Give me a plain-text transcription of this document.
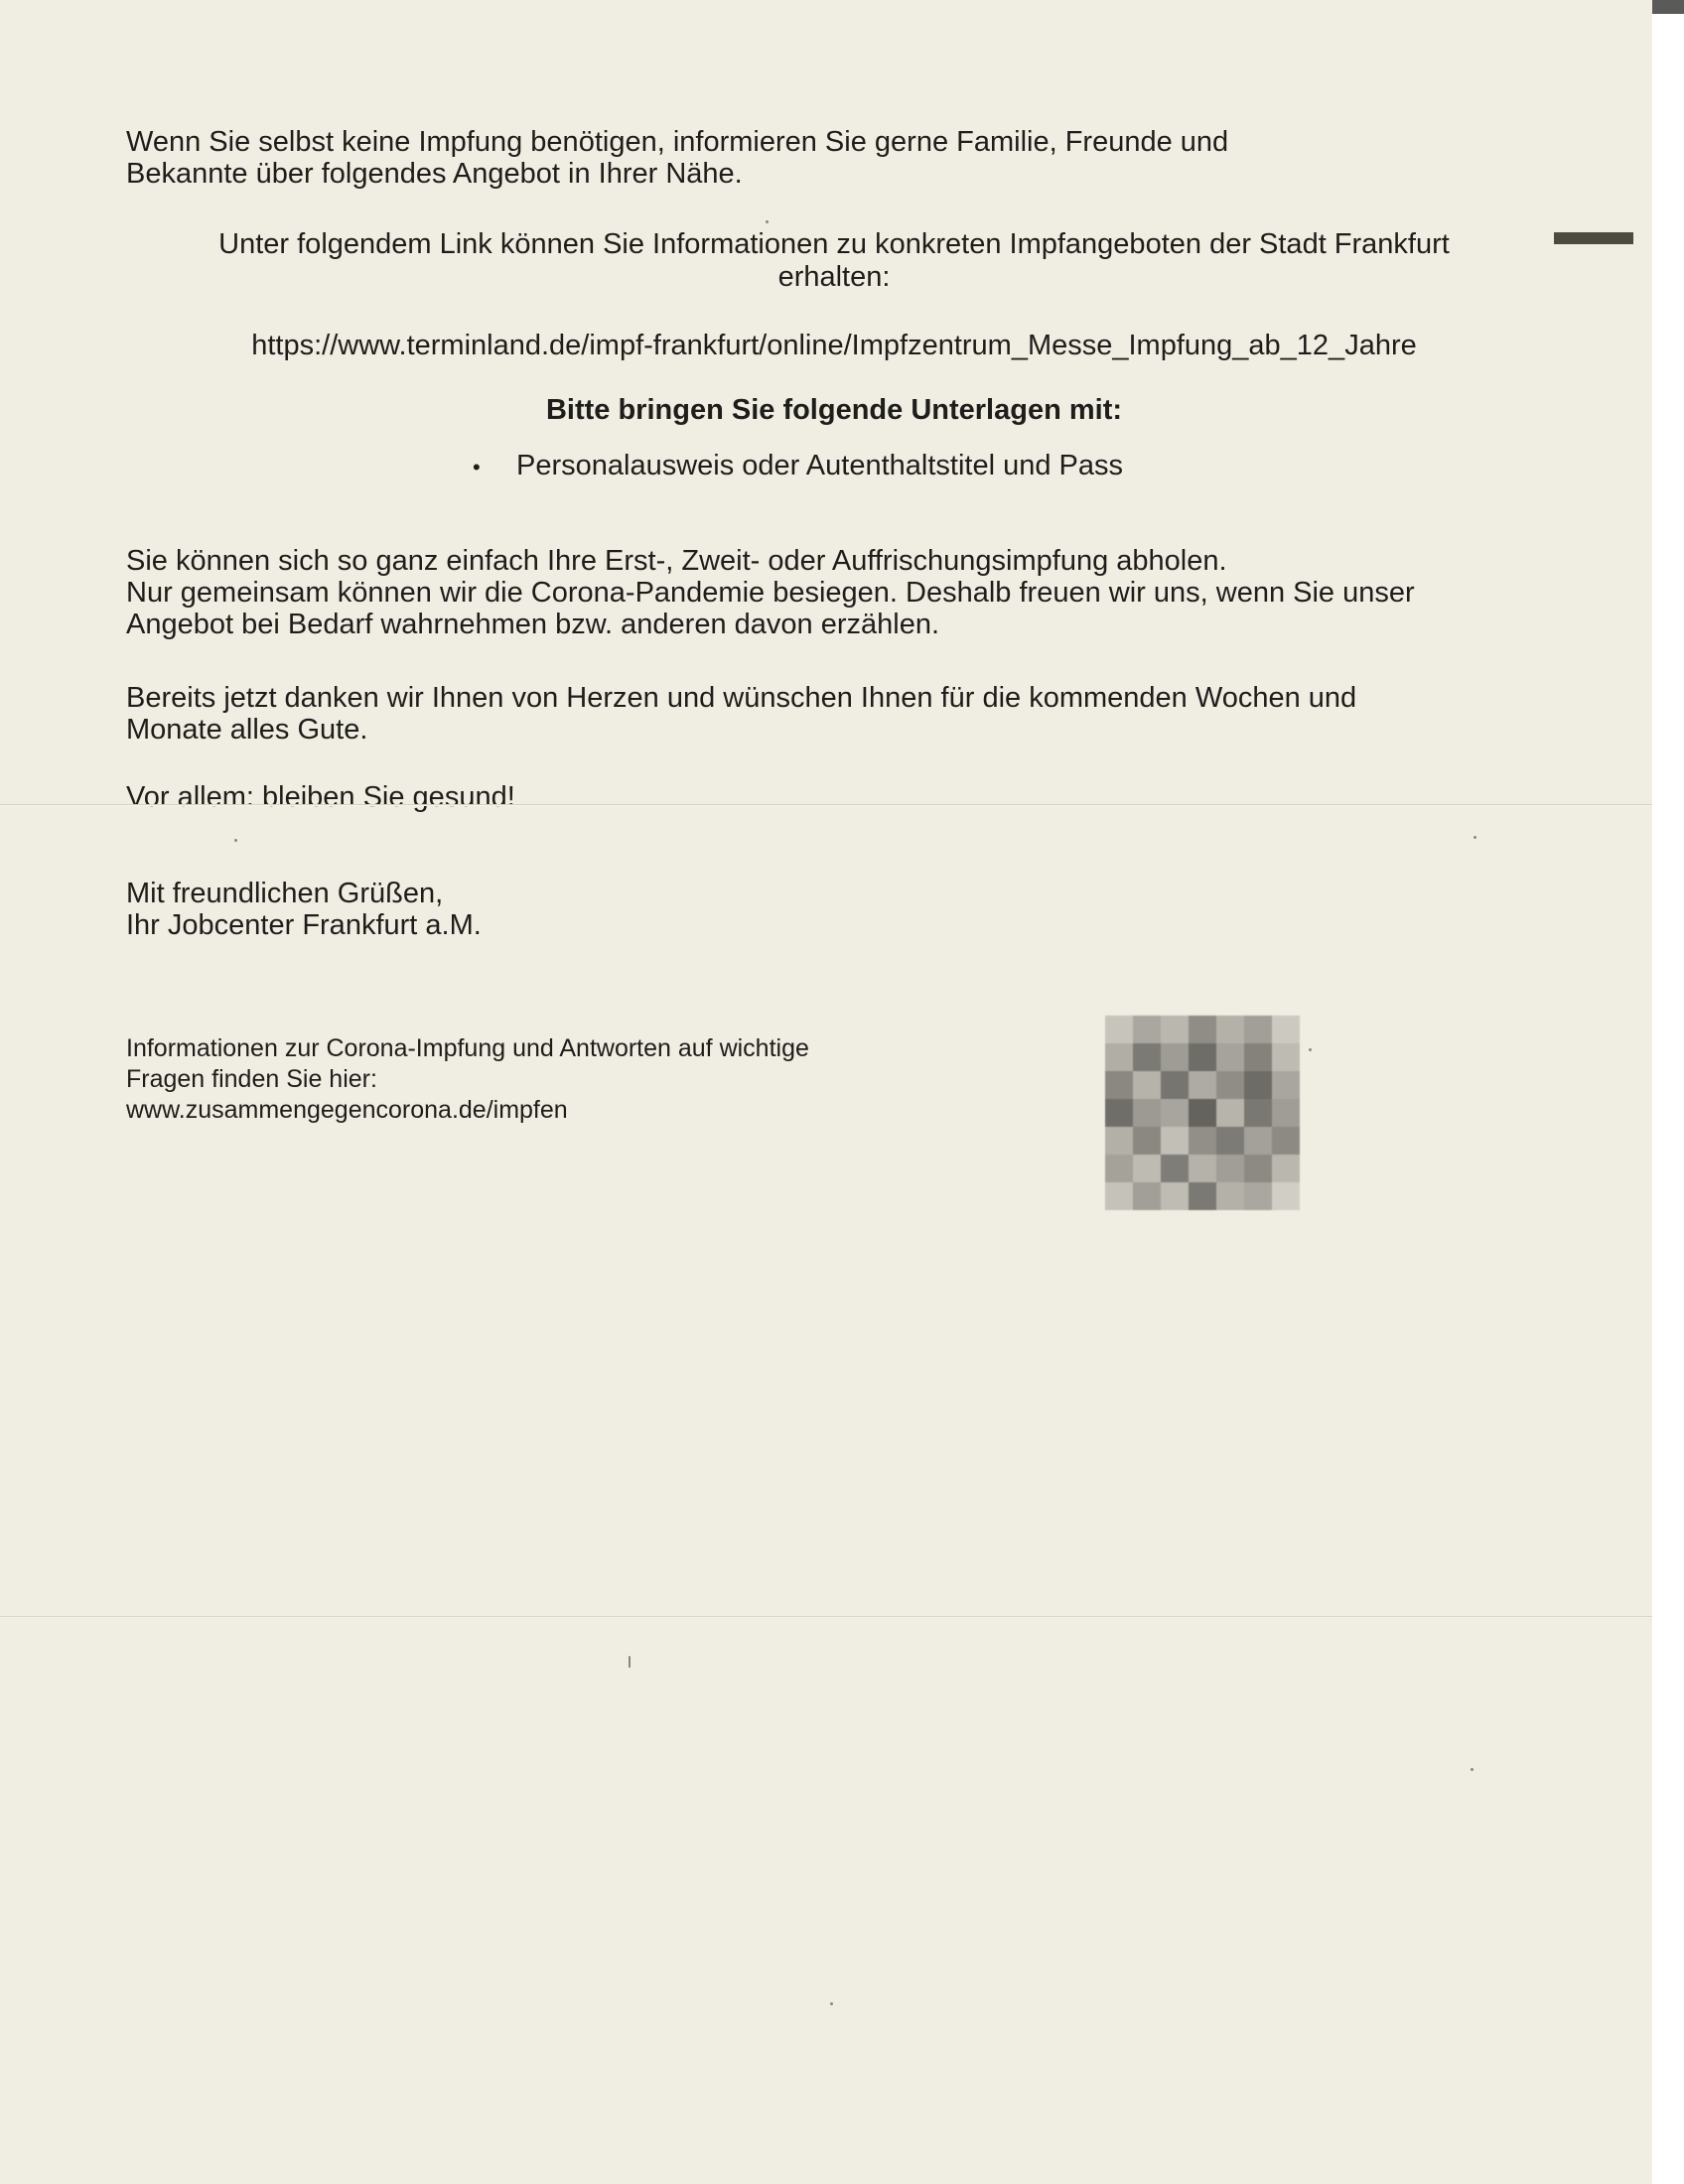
Wenn Sie selbst keine Impfung benötigen, informieren Sie gerne Familie, Freunde und
Bekannte über folgendes Angebot in Ihrer Nähe.

Unter folgendem Link können Sie Informationen zu konkreten Impfangeboten der Stadt Frankfurt
erhalten:

https://www.terminland.de/impf-frankfurt/online/Impfzentrum_Messe_Impfung_ab_12_Jahre

Bitte bringen Sie folgende Unterlagen mit:

•	Personalausweis oder Autenthaltstitel und Pass

Sie können sich so ganz einfach Ihre Erst-, Zweit- oder Auffrischungsimpfung abholen.
Nur gemeinsam können wir die Corona-Pandemie besiegen. Deshalb freuen wir uns, wenn Sie unser
Angebot bei Bedarf wahrnehmen bzw. anderen davon erzählen.

Bereits jetzt danken wir Ihnen von Herzen und wünschen Ihnen für die kommenden Wochen und
Monate alles Gute.

Vor allem: bleiben Sie gesund!

Mit freundlichen Grüßen,
Ihr Jobcenter Frankfurt a.M.

Informationen zur Corona-Impfung und Antworten auf wichtige
Fragen finden Sie hier:
www.zusammengegencorona.de/impfen
